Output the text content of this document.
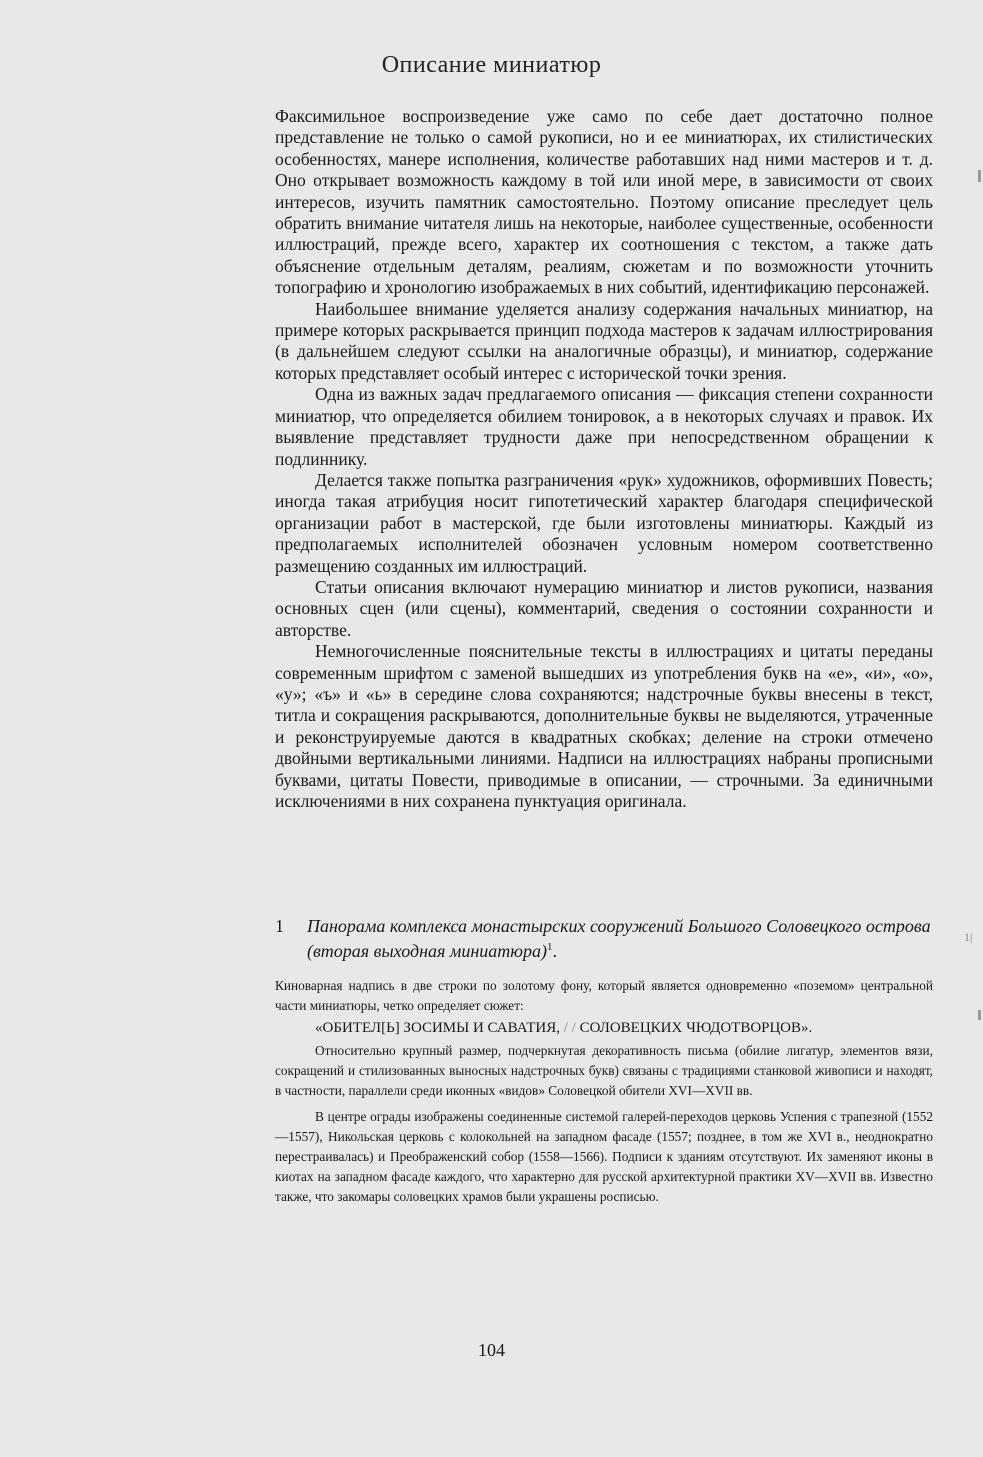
Описание миниатюр

Факсимильное воспроизведение уже само по себе дает достаточно полное представление не только о самой рукописи, но и ее миниатюрах, их стилистических особенностях, манере исполнения, количестве работавших над ними мастеров и т. д. Оно открывает возможность каждому в той или иной мере, в зависимости от своих интересов, изучить памятник самостоятельно. Поэтому описание преследует цель обратить внимание читателя лишь на некоторые, наиболее существенные, особенности иллюстраций, прежде всего, характер их соотношения с текстом, а также дать объяснение отдельным деталям, реалиям, сюжетам и по возможности уточнить топографию и хронологию изображаемых в них событий, идентификацию персонажей.

Наибольшее внимание уделяется анализу содержания начальных миниатюр, на примере которых раскрывается принцип подхода мастеров к задачам иллюстрирования (в дальнейшем следуют ссылки на аналогичные образцы), и миниатюр, содержание которых представляет особый интерес с исторической точки зрения.

Одна из важных задач предлагаемого описания — фиксация степени сохранности миниатюр, что определяется обилием тонировок, а в некоторых случаях и правок. Их выявление представляет трудности даже при непосредственном обращении к подлиннику.

Делается также попытка разграничения «рук» художников, оформивших Повесть; иногда такая атрибуция носит гипотетический характер благодаря специфической организации работ в мастерской, где были изготовлены миниатюры. Каждый из предполагаемых исполнителей обозначен условным номером соответственно размещению созданных им иллюстраций.

Статьи описания включают нумерацию миниатюр и листов рукописи, названия основных сцен (или сцены), комментарий, сведения о состоянии сохранности и авторстве.

Немногочисленные пояснительные тексты в иллюстрациях и цитаты переданы современным шрифтом с заменой вышедших из употребления букв на «е», «и», «о», «у»; «ъ» и «ь» в середине слова сохраняются; надстрочные буквы внесены в текст, титла и сокращения раскрываются, дополнительные буквы не выделяются, утраченные и реконструируемые даются в квадратных скобках; деление на строки отмечено двойными вертикальными линиями. Надписи на иллюстрациях набраны прописными буквами, цитаты Повести, приводимые в описании, — строчными. За единичными исключениями в них сохранена пунктуация оригинала.

1	Панорама комплекса монастырских сооружений Большого Соловецкого острова (вторая выходная миниатюра)$^1$.

Киноварная надпись в две строки по золотому фону, который является одновременно «поземом» центральной части миниатюры, четко определяет сюжет:

«ОБИТЕЛ[Ь] ЗОСИМЫ И САВАТИЯ, / / СОЛОВЕЦКИХ ЧЮДОТВОРЦОВ».

Относительно крупный размер, подчеркнутая декоративность письма (обилие лигатур, элементов вязи, сокращений и стилизованных выносных надстрочных букв) связаны с традициями станковой живописи и находят, в частности, параллели среди иконных «видов» Соловецкой обители XVI—XVII вв.

В центре ограды изображены соединенные системой галерей-переходов церковь Успения с трапезной (1552—1557), Никольская церковь с колокольней на западном фасаде (1557; позднее, в том же XVI в., неоднократно перестраивалась) и Преображенский собор (1558—1566). Подписи к зданиям отсутствуют. Их заменяют иконы в киотах на западном фасаде каждого, что характерно для русской архитектурной практики XV—XVII вв. Известно также, что закомары соловецких храмов были украшены росписью.

1|
104
